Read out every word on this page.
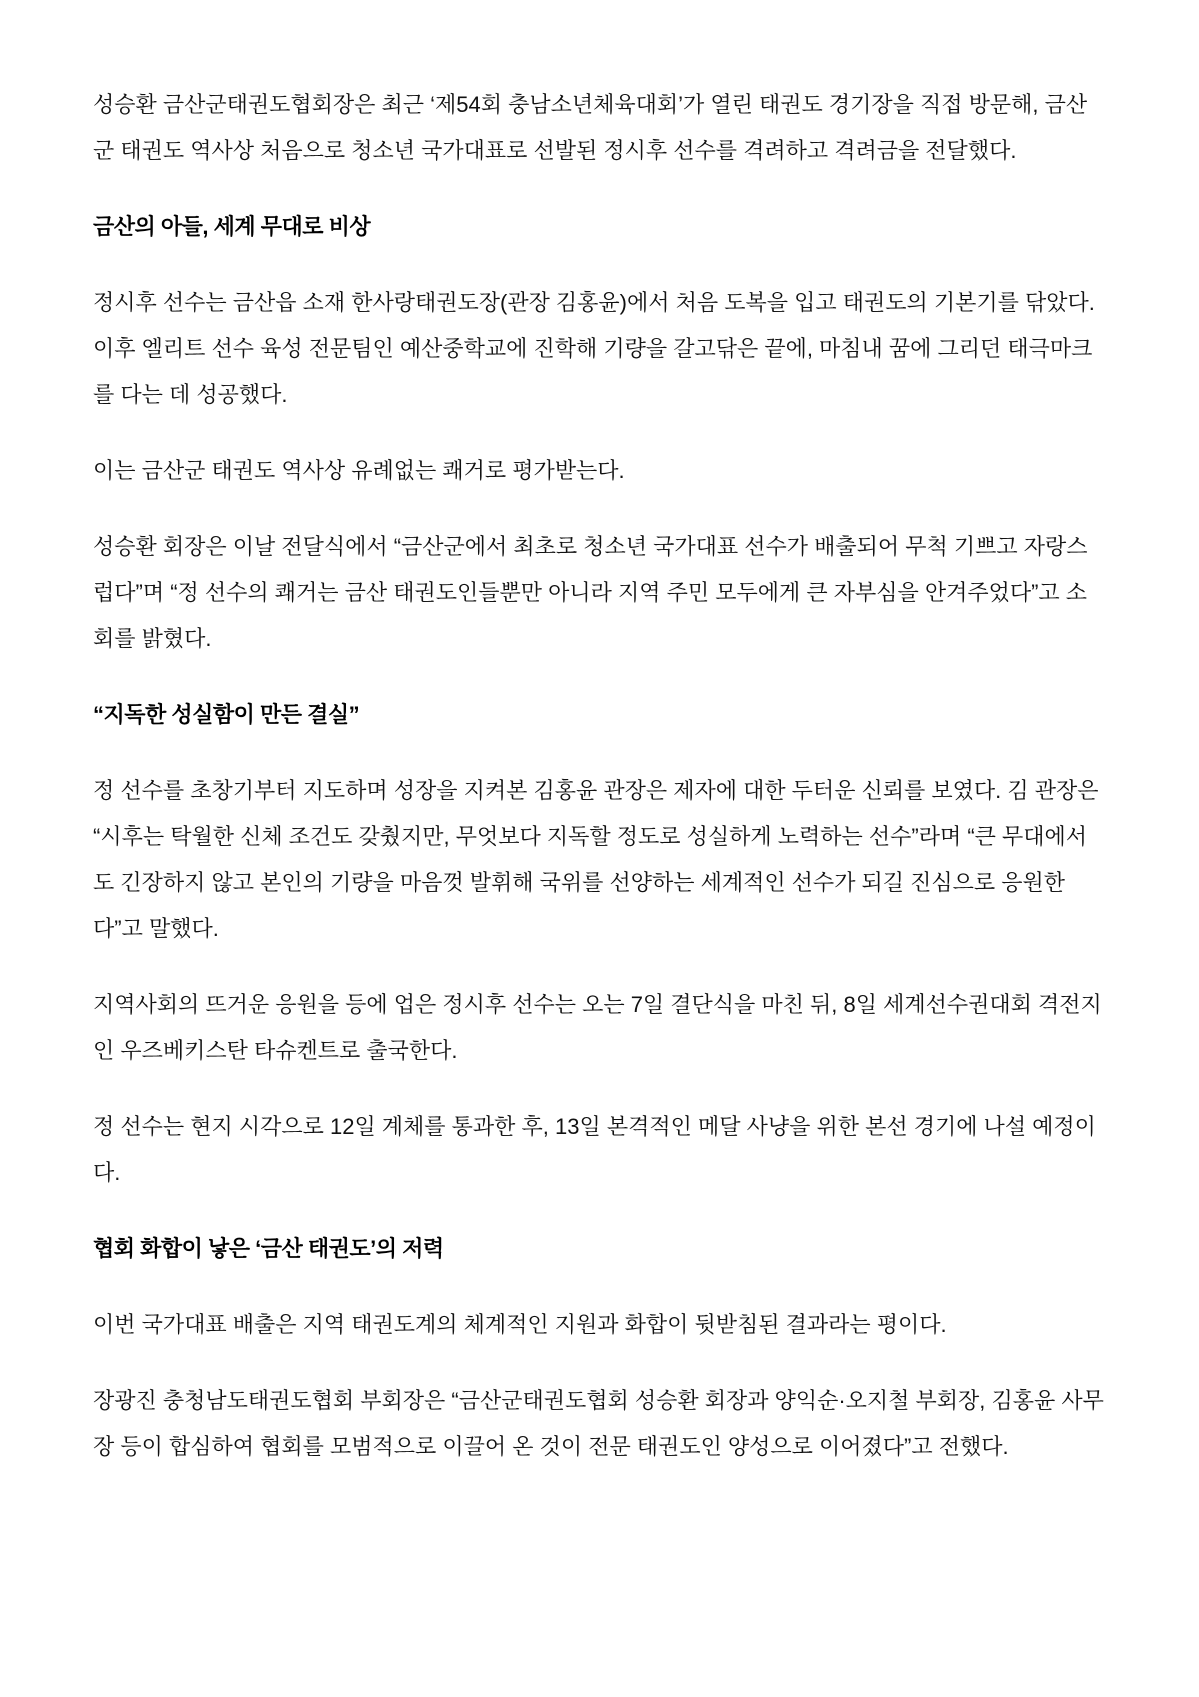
성승환 금산군태권도협회장은 최근 ‘제54회 충남소년체육대회’가 열린 태권도 경기장을 직접 방문해, 금산군 태권도 역사상 처음으로 청소년 국가대표로 선발된 정시후 선수를 격려하고 격려금을 전달했다.

금산의 아들, 세계 무대로 비상

정시후 선수는 금산읍 소재 한사랑태권도장(관장 김홍윤)에서 처음 도복을 입고 태권도의 기본기를 닦았다. 이후 엘리트 선수 육성 전문팀인 예산중학교에 진학해 기량을 갈고닦은 끝에, 마침내 꿈에 그리던 태극마크를 다는 데 성공했다.

이는 금산군 태권도 역사상 유례없는 쾌거로 평가받는다.

성승환 회장은 이날 전달식에서 “금산군에서 최초로 청소년 국가대표 선수가 배출되어 무척 기쁘고 자랑스럽다”며 “정 선수의 쾌거는 금산 태권도인들뿐만 아니라 지역 주민 모두에게 큰 자부심을 안겨주었다”고 소회를 밝혔다.

“지독한 성실함이 만든 결실”

정 선수를 초창기부터 지도하며 성장을 지켜본 김홍윤 관장은 제자에 대한 두터운 신뢰를 보였다. 김 관장은 “시후는 탁월한 신체 조건도 갖췄지만, 무엇보다 지독할 정도로 성실하게 노력하는 선수”라며 “큰 무대에서도 긴장하지 않고 본인의 기량을 마음껏 발휘해 국위를 선양하는 세계적인 선수가 되길 진심으로 응원한다”고 말했다.

지역사회의 뜨거운 응원을 등에 업은 정시후 선수는 오는 7일 결단식을 마친 뒤, 8일 세계선수권대회 격전지인 우즈베키스탄 타슈켄트로 출국한다.

정 선수는 현지 시각으로 12일 계체를 통과한 후, 13일 본격적인 메달 사냥을 위한 본선 경기에 나설 예정이다.

협회 화합이 낳은 ‘금산 태권도’의 저력

이번 국가대표 배출은 지역 태권도계의 체계적인 지원과 화합이 뒷받침된 결과라는 평이다.

장광진 충청남도태권도협회 부회장은 “금산군태권도협회 성승환 회장과 양익순·오지철 부회장, 김홍윤 사무장 등이 합심하여 협회를 모범적으로 이끌어 온 것이 전문 태권도인 양성으로 이어졌다”고 전했다.
